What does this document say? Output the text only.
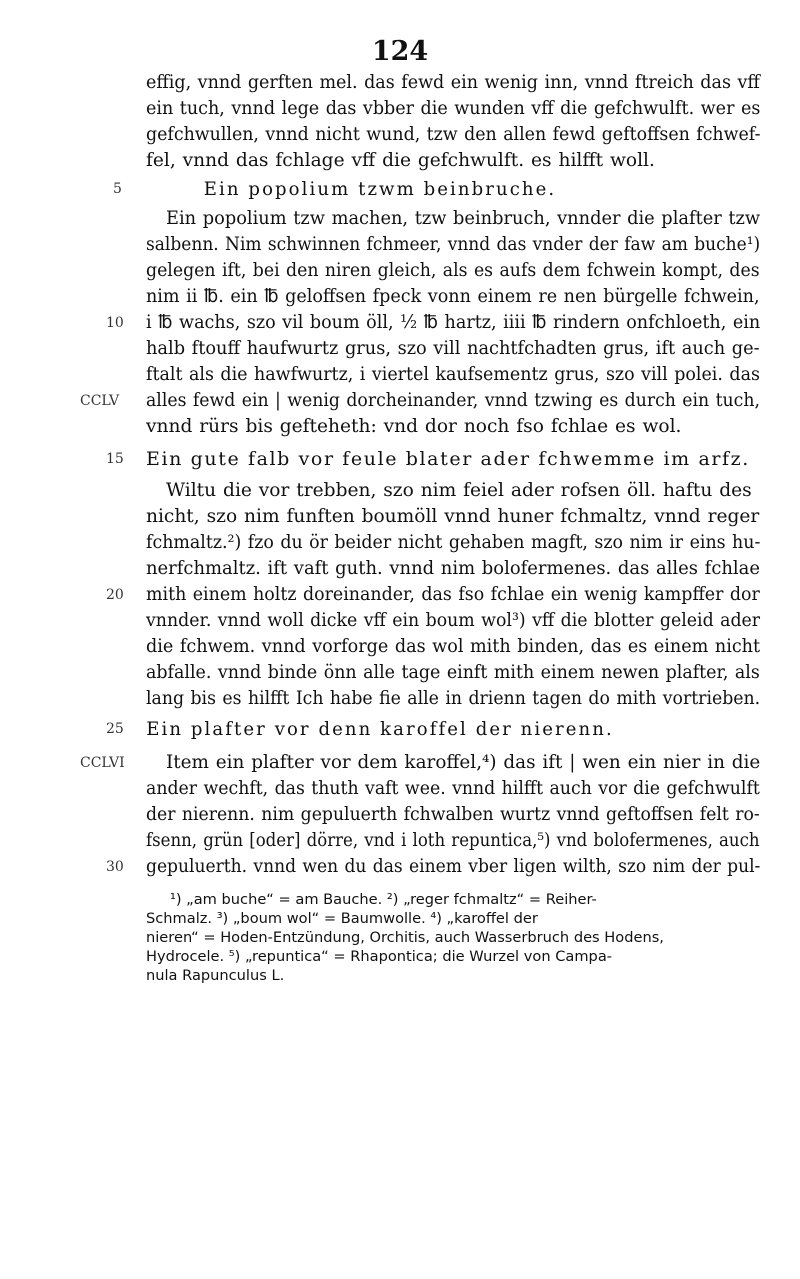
124
effig, vnnd gerften mel. das fewd ein wenig inn, vnnd ftreich das vff
ein tuch, vnnd lege das vbber die wunden vff die gefchwulft. wer es
gefchwullen, vnnd nicht wund, tzw den allen fewd geftoffsen fchwef-
fel, vnnd das fchlage vff die gefchwulft. es hilfft woll.
5	Ein popolium tzwm beinbruche.
Ein popolium tzw machen, tzw beinbruch, vnnder die plafter tzw
salbenn. Nim schwinnen fchmeer, vnnd das vnder der faw am buche¹)
gelegen ift, bei den niren gleich, als es aufs dem fchwein kompt, des
nim ii ℔. ein ℔ geloffsen fpeck vonn einem re nen bürgelle fchwein,
10 i ℔ wachs, szo vil boum öll, ½ ℔ hartz, iiii ℔ rindern onfchloeth, ein
halb ftouff haufwurtz grus, szo vill nachtfchadten grus, ift auch ge-
ftalt als die hawfwurtz, i viertel kaufsementz grus, szo vill polei. das
CCLV alles fewd ein | wenig dorcheinander, vnnd tzwing es durch ein tuch,
vnnd rürs bis gefteheth: vnd dor noch fso fchlae es wol.
15 Ein gute falb vor feule blater ader fchwemme im arfz.
Wiltu die vor trebben, szo nim feiel ader rofsen öll. haftu des
nicht, szo nim funften boumöll vnnd huner fchmaltz, vnnd reger
fchmaltz.²) fzo du ör beider nicht gehaben magft, szo nim ir eins hu-
nerfchmaltz. ift vaft guth. vnnd nim bolofermenes. das alles fchlae
20 mith einem holtz doreinander, das fso fchlae ein wenig kampffer dor
vnnder. vnnd woll dicke vff ein boum wol³) vff die blotter geleid ader
die fchwem. vnnd vorforge das wol mith binden, das es einem nicht
abfalle. vnnd binde önn alle tage einft mith einem newen plafter, als
lang bis es hilfft Ich habe fie alle in drienn tagen do mith vortrieben.
25	Ein plafter vor denn karoffel der nierenn.
CCLVI Item ein plafter vor dem karoffel,⁴) das ift | wen ein nier in die
ander wechft, das thuth vaft wee. vnnd hilfft auch vor die gefchwulft
der nierenn. nim gepuluerth fchwalben wurtz vnnd geftoffsen felt ro-
fsenn, grün [oder] dörre, vnd i loth repuntica,⁵) vnd bolofermenes, auch
30 gepuluerth. vnnd wen du das einem vber ligen wilth, szo nim der pul-
¹) „am buche“ = am Bauche. ²) „reger fchmaltz“ = Reiher-
Schmalz. ³) „boum wol“ = Baumwolle. ⁴) „karoffel der
nieren“ = Hoden-Entzündung, Orchitis, auch Wasserbruch des Hodens,
Hydrocele. ⁵) „repuntica“ = Rhapontica; die Wurzel von Campa-
nula Rapunculus L.
